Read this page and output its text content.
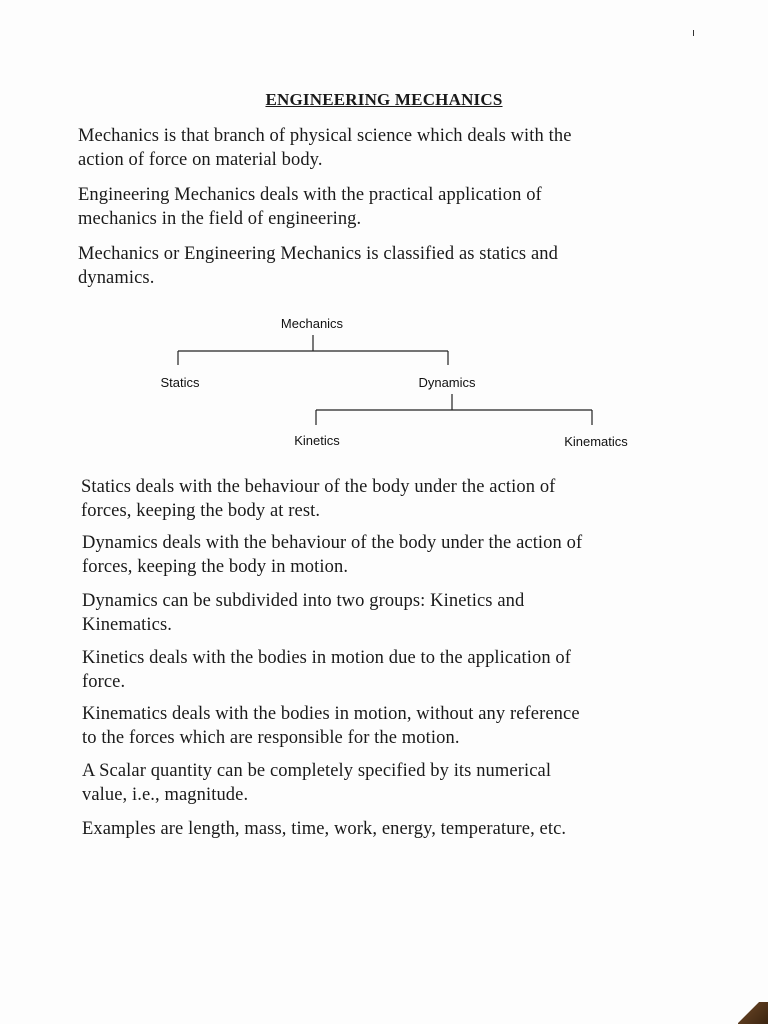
ENGINEERING MECHANICS

Mechanics is that branch of physical science which deals with the
action of force on material body.

Engineering Mechanics deals with the practical application of
mechanics in the field of engineering.

Mechanics or Engineering Mechanics is classified as statics and
dynamics.

Mechanics
Statics	Dynamics
Kinetics	Kinematics

Statics deals with the behaviour of the body under the action of
forces, keeping the body at rest.

Dynamics deals with the behaviour of the body under the action of
forces, keeping the body in motion.

Dynamics can be subdivided into two groups: Kinetics and
Kinematics.

Kinetics deals with the bodies in motion due to the application of
force.

Kinematics deals with the bodies in motion, without any reference
to the forces which are responsible for the motion.

A Scalar quantity can be completely specified by its numerical
value, i.e., magnitude.

Examples are length, mass, time, work, energy, temperature, etc.
